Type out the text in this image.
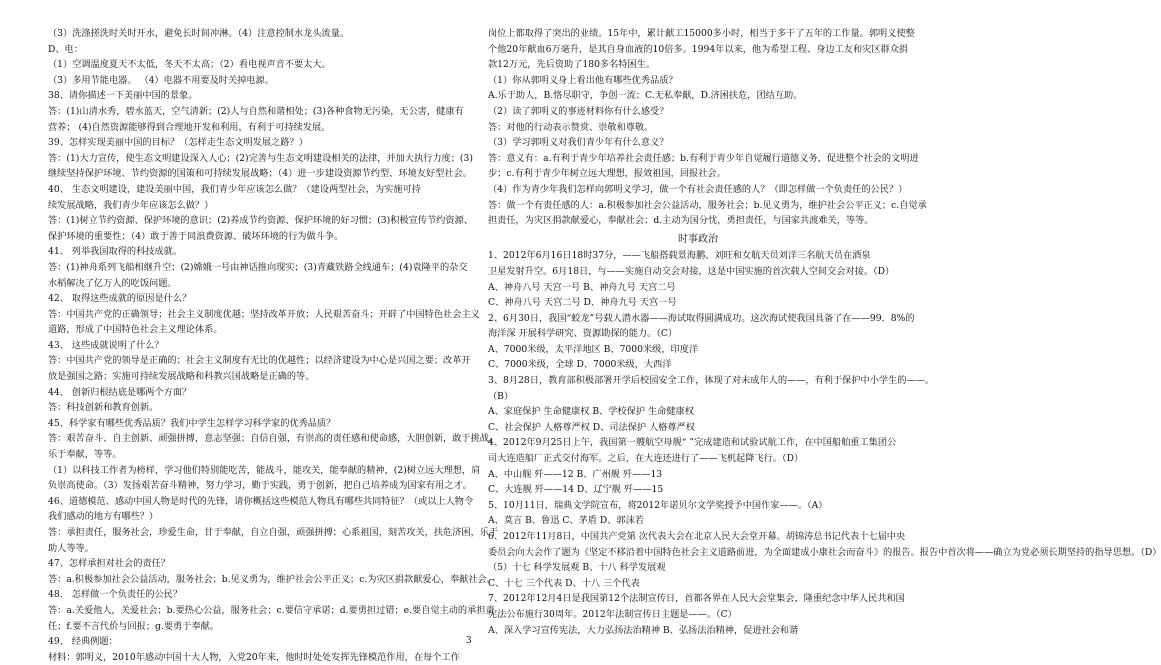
（3）洗涤搓洗时关时开水，避免长时间冲淋。（4）注意控制水龙头流量。
D、电：
（1）空调温度夏天不太低，冬天不太高；（2）看电视声音不要太大。
（3）多用节能电器。 （4）电器不用要及时关掉电源。
38、请你描述一下美丽中国的景象。
答：(1)山清水秀，碧水蓝天，空气清新；(2)人与自然和谐相处；(3)各种食物无污染，无公害，健康有
营养； (4)自然资源能够得到合理地开发和利用，有利于可持续发展。
39、怎样实现美丽中国的目标？（怎样走生态文明发展之路？）
答：(1)大力宣传，使生态文明建设深入人心；(2)完善与生态文明建设相关的法律，并加大执行力度；(3)
继续坚持保护环境、节约资源的国策和可持续发展战略；（4）进一步建设资源节约型、环境友好型社会。
40、 生态文明建设，建设美丽中国，我们青少年应该怎么做？（建设两型社会，为实施可持
续发展战略，我们青少年应该怎么做？）
答：(1)树立节约资源、保护环境的意识；(2)养成节约资源、保护环境的好习惯；(3)积极宣传节约资源、
保护环境的重要性；（4）敢于善于同浪费资源、破坏环境的行为做斗争。
41、 列举我国取得的科技成就。
答：(1)神舟系列飞船相继升空；(2)嫦娥一号由神话推向现实；(3)青藏铁路全线通车；(4)袁隆平的杂交
水稻解决了亿万人的吃饭问题。
42、 取得这些成就的原因是什么？
答：中国共产党的正确领导；社会主义制度优越；坚持改革开放；人民艰苦奋斗；开辟了中国特色社会主义
道路，形成了中国特色社会主义理论体系。
43、 这些成就说明了什么？
答：中国共产党的领导是正确的；社会主义制度有无比的优越性；以经济建设为中心是兴国之要；改革开
放是强国之路；实施可持续发展战略和科教兴国战略是正确的等。
44、 创新归根结底是哪两个方面？
答：科技创新和教育创新。
45、科学家有哪些优秀品质？我们中学生怎样学习科学家的优秀品质？
答：艰苦奋斗、自主创新、顽强拼搏，意志坚强；自信自强，有崇高的责任感和使命感，大胆创新，敢于挑战，
乐于奉献，等等。
（1）以科技工作者为榜样，学习他们特别能吃苦，能战斗，能攻关，能奉献的精神，(2)树立远大理想，肩
负崇高使命。（3）发扬艰苦奋斗精神，努力学习，勤于实践，勇于创新，把自己培养成为国家有用之才。
46、道德模范、感动中国人物是时代的先锋，请你概括这些模范人物具有哪些共同特征？（或以上人物令
我们感动的地方有哪些？）
答：承担责任，服务社会，珍爱生命，甘于奉献，自立自强，顽强拼搏；心系祖国，刻苦攻关，扶危济困，乐于
助人等等。
47、怎样承担对社会的责任？
答：a.积极参加社会公益活动，服务社会；b.见义勇为，维护社会公平正义；c.为灾区捐款献爱心，奉献社会。
48、 怎样做一个负责任的公民？
答：a.关爱他人，关爱社会；b.要热心公益，服务社会；c.要信守承诺；d.要勇担过错；e.要自觉主动的承担责
任；f.要不言代价与回报；g.要勇于奉献。
49、 经典例题：
材料：郭明义，2010年感动中国十大人物，入党20年来，他时时处处发挥先锋模范作用，在每个工作
岗位上都取得了突出的业绩。15年中，累计献工15000多小时，相当于多干了五年的工作量。郭明义使整
个他20年献血6万毫升，是其自身血液的10倍多。1994年以来，他为希望工程、身边工友和灾区群众捐
款12万元，先后资助了180多名特困生。
（1）你从郭明义身上看出他有哪些优秀品质？
A.乐于助人，B.恪尽职守，争创一流；C.无私奉献，D.济困扶危，团结互助。
（2）读了郭明义的事迹材料你有什么感受？
答：对他的行动表示赞赏、崇敬和尊敬。
（3）学习郭明义对我们青少年有什么意义？
答：意义有：a.有利于青少年培养社会责任感；b.有利于青少年自觉履行道德义务，促进整个社会的文明进
步；c.有利于青少年树立远大理想，报效祖国，回报社会。
（4）作为青少年我们怎样向郭明义学习，做一个有社会责任感的人？（即怎样做一个负责任的公民？）
答：做一个有责任感的人：a.积极参加社会公益活动，服务社会；b.见义勇为，维护社会公平正义；c.自觉承
担责任，为灾区捐款献爱心，奉献社会；d.主动为国分忧，勇担责任，与国家共渡难关，等等。
时事政治
1、2012年6月16日18时37分，——飞船搭载景海鹏、刘旺和女航天员刘洋三名航天员在酒泉
卫星发射升空。6月18日，与——实施自动交会对接，这是中国实施的首次载人空间交会对接。（D）
A、神舟八号 天宫一号 B、神舟九号 天宫二号
C、神舟八号 天宫二号 D、神舟九号 天宫一号
2、6月30日，我国“蛟龙”号载人潜水器——海试取得圆满成功。这次海试使我国具备了在——99．8%的
海洋深 开展科学研究、资源勘探的能力。（C）
A、7000米级，太平洋地区 B、7000米级，印度洋
C、7000米级，全球 D、7000米级，大西洋
3、8月28日，教育部积极部署开学后校园安全工作，体现了对未成年人的——，有利于保护中小学生的——。
（B）
A、家庭保护 生命健康权 B、学校保护 生命健康权
C、社会保护 人格尊严权 D、司法保护 人格尊严权
4、2012年9月25日上午，我国第一艘航空母舰“ ”完成建造和试验试航工作，在中国船舶重工集团公
司大连造船厂正式交付海军。之后，在大连还进行了——飞机起降飞行。（D）
A、中山舰 歼——12 B、广州舰 歼——13
C、大连舰 歼——14 D、辽宁舰 歼——15
5、10月11日，瑞典文学院宣布，将2012年诺贝尔文学奖授予中国作家——。（A）
A、莫言 B、鲁迅 C、茅盾 D、郭沫若
6、2012年11月8日，中国共产党第 次代表大会在北京人民大会堂开幕。胡锦涛总书记代表十七届中央
委员会向大会作了题为《坚定不移沿着中国特色社会主义道路前进，为全面建成小康社会而奋斗》的报告。报告中首次将——确立为党必须长期坚持的指导思想。（D）
（5）十七 科学发展观 B、十八 科学发展观
C、十七 三个代表 D、十八 三个代表
7、2012年12月4日是我国第12个法制宣传日，首都各界在人民大会堂集会，隆重纪念中华人民共和国
宪法公布施行30周年。2012年法制宣传日主题是——。（C）
A、深入学习宣传宪法，大力弘扬法治精神 B、弘扬法治精神，促进社会和谐
3
